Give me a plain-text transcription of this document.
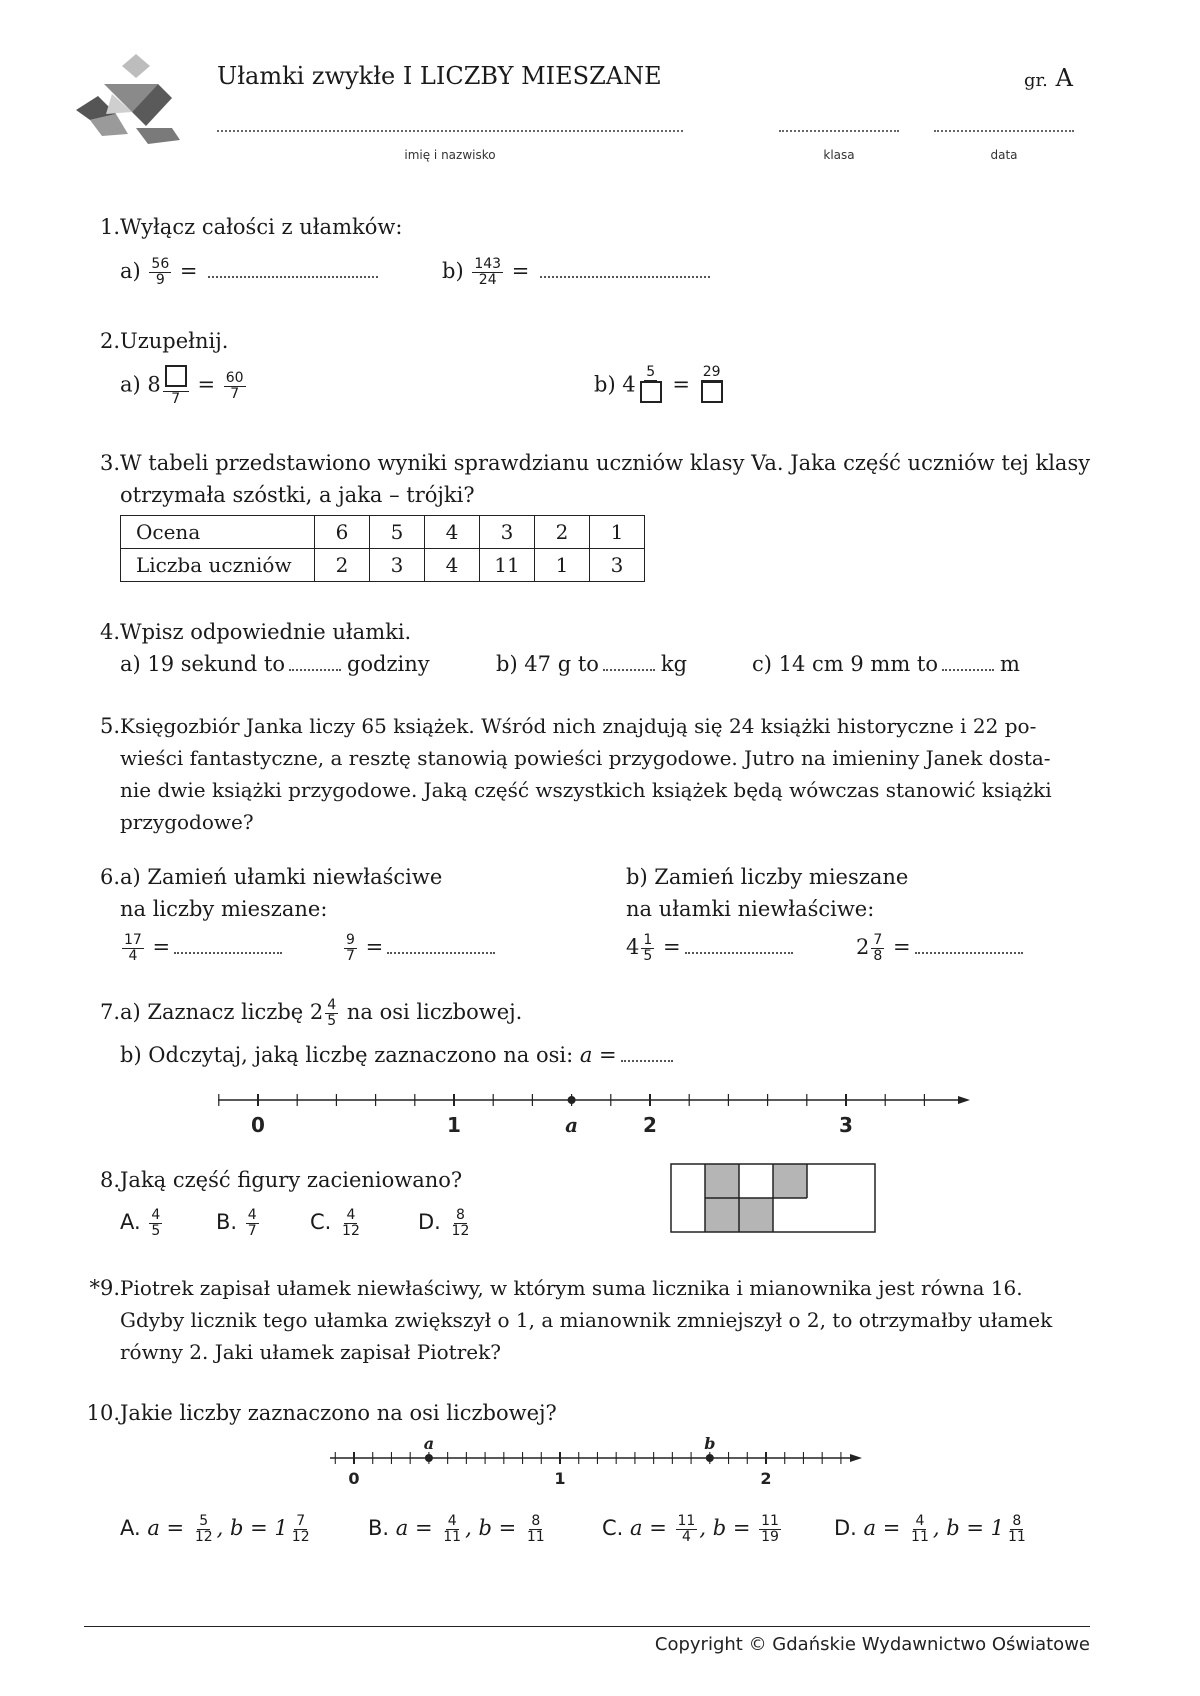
Ułamki zwykłe I LICZBY MIESZANE	gr. A
imię i nazwisko	klasa	data
1. Wyłącz całości z ułamków:
$a) \frac{56}{9}$ =	$b) \frac{143}{24}$ =
2. Uzupełnij.
a) 8
7
= $\frac{60}{7}$	b) 4
5
=
29
3. W tabeli przedstawiono wyniki sprawdzianu uczniów klasy Va. Jaka część uczniów tej klasy
otrzymała szóstki, a jaka – trójki?
Ocena	6	5	4	3	2	1
Liczba uczniów	2	3	4	11	1	3
4. Wpisz odpowiednie ułamki.
a) 19 sekund to	godziny	b) 47 g to	kg	c) 14 cm 9 mm to	m
5. Księgozbiór Janka liczy 65 książek. Wśród nich znajdują się 24 książki historyczne i 22 po-
wieści fantastyczne, a resztę stanowią powieści przygodowe. Jutro na imieniny Janek dosta-
nie dwie książki przygodowe. Jaką część wszystkich książek będą wówczas stanowić książki
przygodowe?
6. a) Zamień ułamki niewłaściwe
na liczby mieszane:
b) Zamień liczby mieszane
na ułamki niewłaściwe:
$\frac{17}{4}$ =	$\frac{9}{7}$ =	$4 \frac{1}{5}$ =	$2 \frac{7}{8}$ =
7. a) Zaznacz liczbę $2 \frac{4}{5}$ na osi liczbowej.
b) Odczytaj, jaką liczbę zaznaczono na osi: a =
0	1	2	3
a
8. Jaką część figury zacieniowano?
A. $\frac{4}{5}$	B. $\frac{4}{7} C$. $\frac{4}{12}$	D. $\frac{8}{12}$
*9. Piotrek zapisał ułamek niewłaściwy, w którym suma licznika i mianownika jest równa 16.
Gdyby licznik tego ułamka zwiększył o 1, a mianownik zmniejszył o 2, to otrzymałby ułamek
równy 2. Jaki ułamek zapisał Piotrek?
10. Jakie liczby zaznaczono na osi liczbowej?
0	1	2
a	b
A. $a = \frac{5}{12}$ , $b = 1 \frac{7}{12}$	B. $a = \frac{4}{11}$ , $b = \frac{8}{11}$	C. $a = \frac{11}{4}$ , $b = \frac{11}{19}$	D. $a = \frac{4}{11}$ , $b = 1 \frac{8}{11}$
Copyright © Gdańskie Wydawnictwo Oświatowe
